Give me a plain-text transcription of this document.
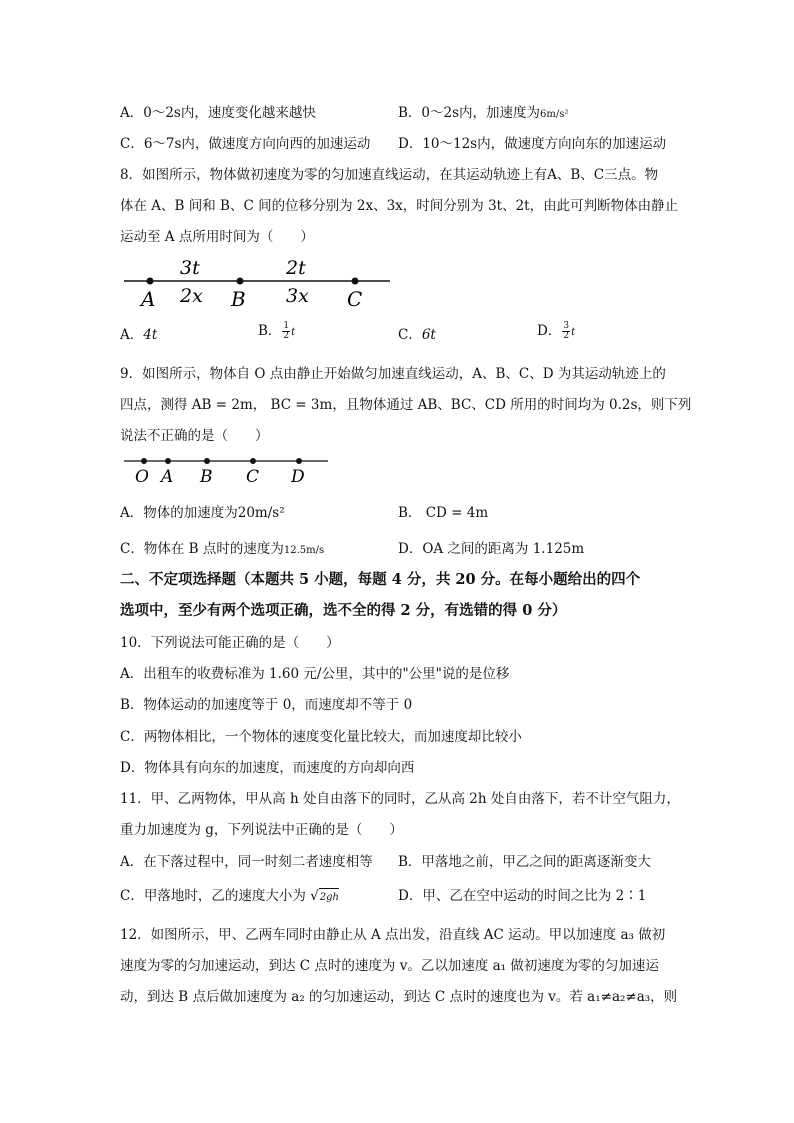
A．0～2s内，速度变化越来越快	B．0～2s内，加速度为6m/s²
C．6～7s内，做速度方向向西的加速运动 D．10～12s内，做速度方向向东的加速运动
8．如图所示，物体做初速度为零的匀加速直线运动，在其运动轨迹上有A、B、C三点。物
体在 A、B 间和 B、C 间的位移分别为 2x、3x，时间分别为 3t、2t，由此可判断物体由静止
运动至 A 点所用时间为（　　）
3t	2t
2x	3x
A	B	C
A．4t	B． $\frac{1}{2}$ t	C．6t	D． $\frac{3}{2}$ t
9．如图所示，物体自 O 点由静止开始做匀加速直线运动，A、B、C、D 为其运动轨迹上的
四点，测得 AB = 2m， BC = 3m，且物体通过 AB、BC、CD 所用的时间均为 0.2s，则下列
说法不正确的是（　　）
O A B C D
A．物体的加速度为20m/s²	B． CD = 4m
C．物体在 B 点时的速度为12.5m/s	D．OA 之间的距离为 1.125m
二、不定项选择题（本题共 5 小题，每题 4 分，共 20 分。在每小题给出的四个
选项中，至少有两个选项正确，选不全的得 2 分，有选错的得 0 分）
10．下列说法可能正确的是（　　）
A．出租车的收费标准为 1.60 元/公里，其中的"公里"说的是位移
B．物体运动的加速度等于 0，而速度却不等于 0
C．两物体相比，一个物体的速度变化量比较大，而加速度却比较小
D．物体具有向东的加速度，而速度的方向却向西
11．甲、乙两物体，甲从高 h 处自由落下的同时，乙从高 2h 处自由落下，若不计空气阻力，
重力加速度为 g，下列说法中正确的是（　　）
A．在下落过程中，同一时刻二者速度相等 B．甲落地之前，甲乙之间的距离逐渐变大
C．甲落地时，乙的速度大小为 √2gh	D．甲、乙在空中运动的时间之比为 2∶1
12．如图所示，甲、乙两车同时由静止从 A 点出发，沿直线 AC 运动。甲以加速度 a₃ 做初
速度为零的匀加速运动，到达 C 点时的速度为 v。乙以加速度 a₁ 做初速度为零的匀加速运
动，到达 B 点后做加速度为 a₂ 的匀加速运动，到达 C 点时的速度也为 v。若 a₁≠a₂≠a₃，则
